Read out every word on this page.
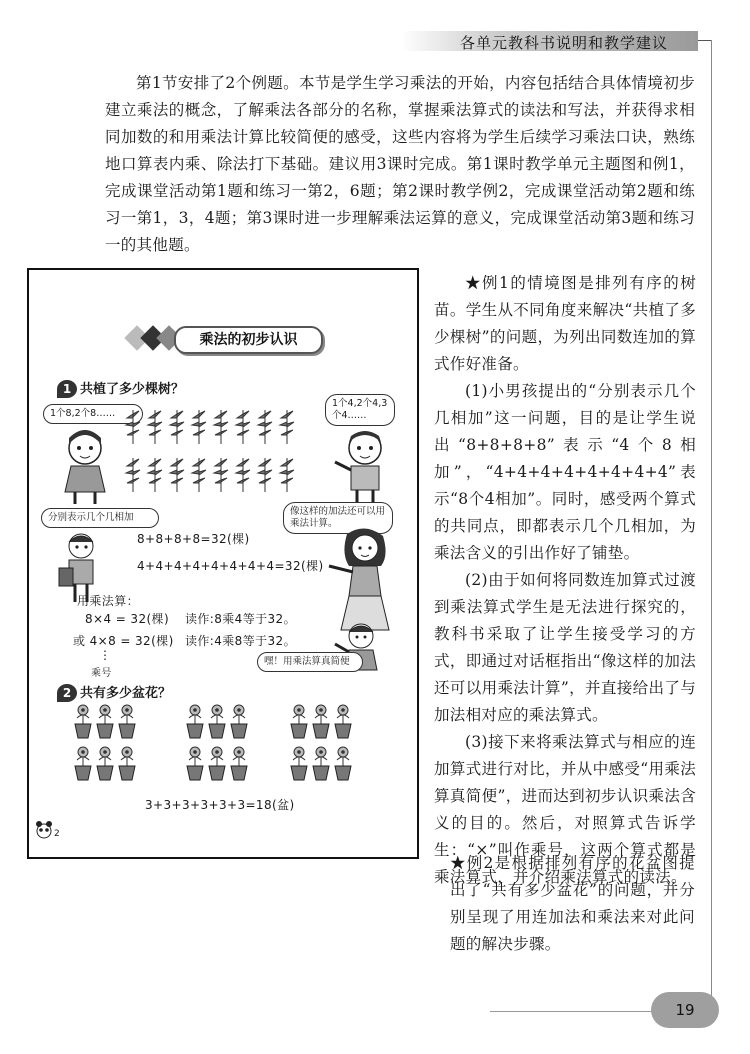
各单元教科书说明和教学建议

第1节安排了2个例题。本节是学生学习乘法的开始，内容包括结合具体情境初步建立乘法的概念，了解乘法各部分的名称，掌握乘法算式的读法和写法，并获得求相同加数的和用乘法计算比较简便的感受，这些内容将为学生后续学习乘法口诀，熟练地口算表内乘、除法打下基础。建议用3课时完成。第1课时教学单元主题图和例1，完成课堂活动第1题和练习一第2，6题；第2课时教学例2，完成课堂活动第2题和练习一第1，3，4题；第3课时进一步理解乘法运算的意义，完成课堂活动第3题和练习一的其他题。

★例1的情境图是排列有序的树苗。学生从不同角度来解决“共植了多少棵树”的问题，为列出同数连加的算式作好准备。

(1)小男孩提出的“分别表示几个几相加”这一问题，目的是让学生说出“8+8+8+8”表示“4个8相加”，“4+4+4+4+4+4+4+4”表示“8个4相加”。同时，感受两个算式的共同点，即都表示几个几相加，为乘法含义的引出作好了铺垫。

(2)由于如何将同数连加算式过渡到乘法算式学生是无法进行探究的，教科书采取了让学生接受学习的方式，即通过对话框指出“像这样的加法还可以用乘法计算”，并直接给出了与加法相对应的乘法算式。

(3)接下来将乘法算式与相应的连加算式进行对比，并从中感受“用乘法算真简便”，进而达到初步认识乘法含义的目的。然后，对照算式告诉学生：“×”叫作乘号，这两个算式都是乘法算式，并介绍乘法算式的读法。

★例2是根据排列有序的花盆图提出了“共有多少盆花”的问题，并分别呈现了用连加法和乘法来对此问题的解决步骤。

乘法的初步认识
1 共植了多少棵树？
1个8,2个8……
1个4,2个4,3个4……
分别表示几个几相加
像这样的加法还可以用乘法计算。
8+8+8+8=32(棵)
4+4+4+4+4+4+4+4=32(棵)
用乘法算：
8×4 = 32(棵) 读作:8乘4等于32。
或 4×8 = 32(棵) 读作:4乘8等于32。
⋮
乘号
嘿！用乘法算真简便
2 共有多少盆花？
3+3+3+3+3+3=18(盆)
2
19
